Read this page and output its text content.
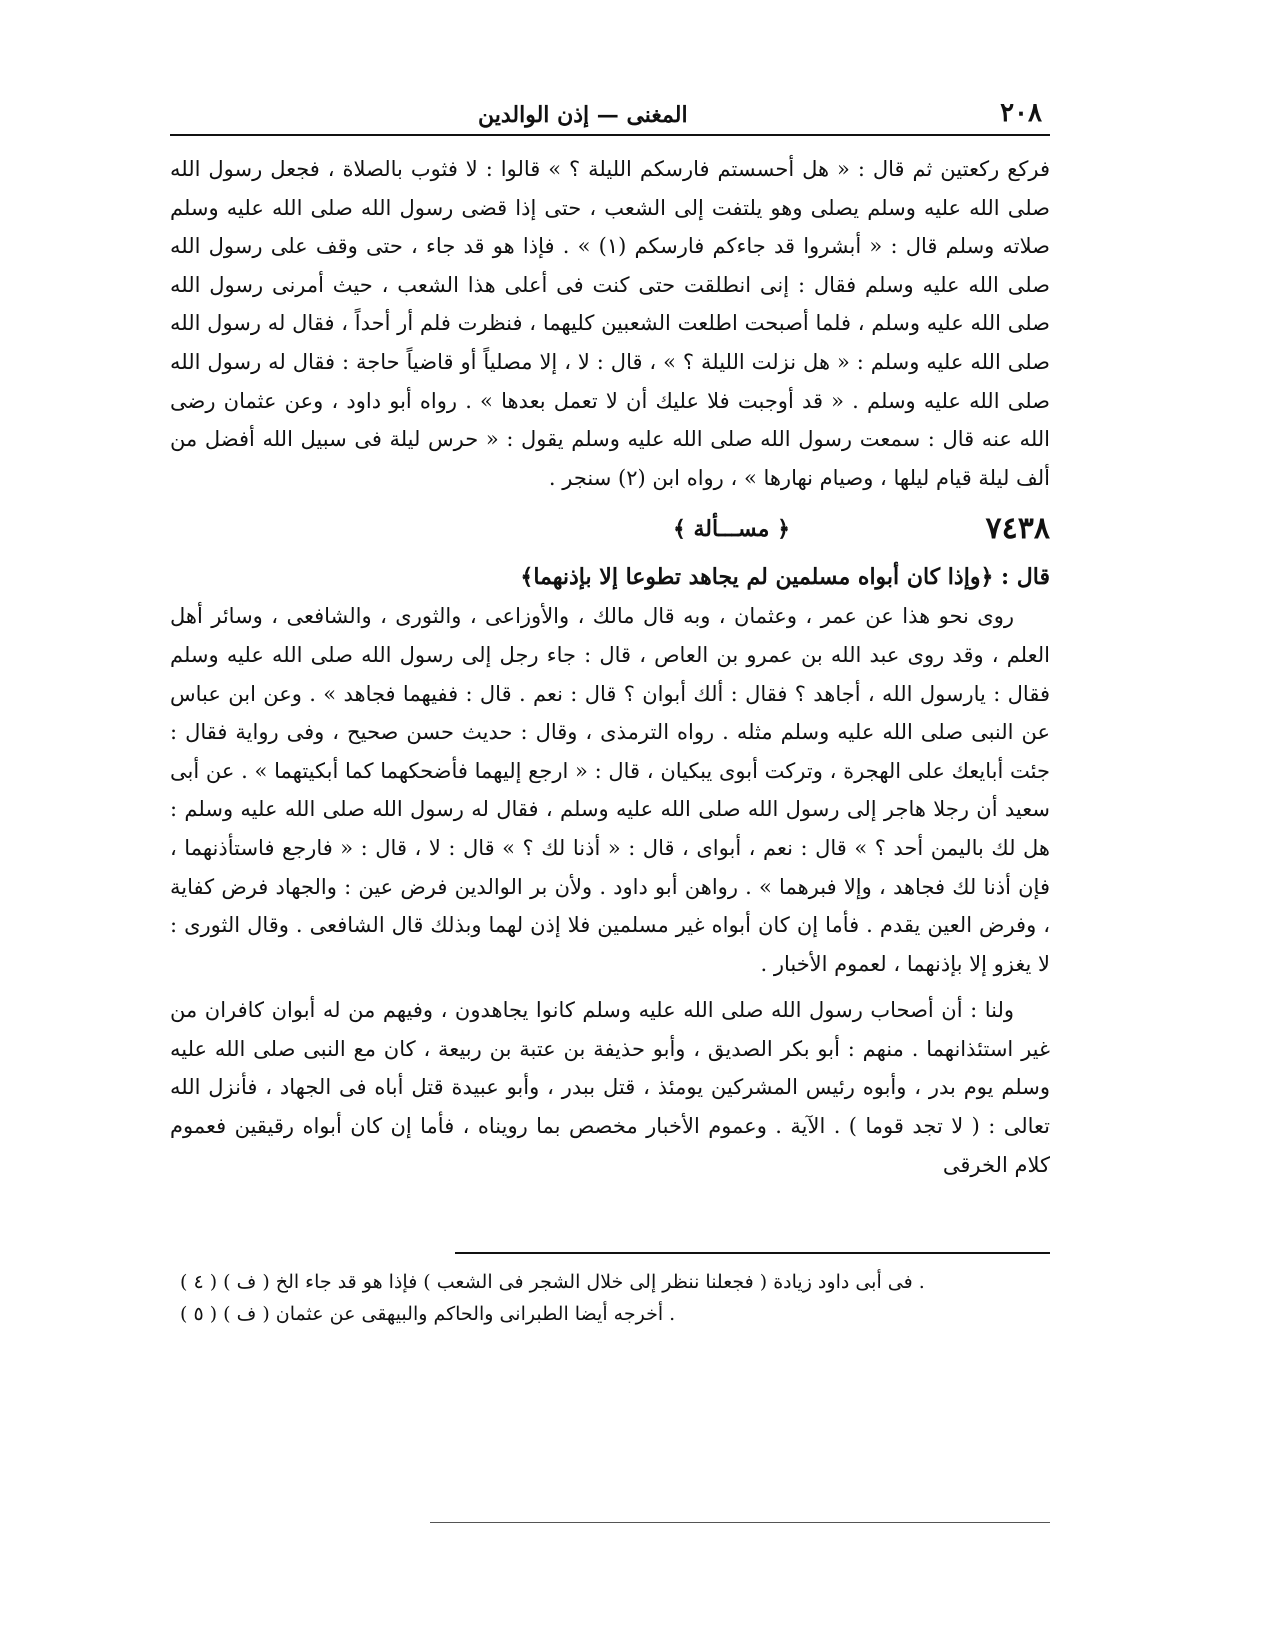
٢٠٨
المغنى — إذن الوالدين

فركع ركعتين ثم قال : « هل أحسستم فارسكم الليلة ؟ » قالوا : لا فثوب بالصلاة ، فجعل رسول الله صلى الله عليه وسلم يصلى وهو يلتفت إلى الشعب ، حتى إذا قضى رسول الله صلى الله عليه وسلم صلاته وسلم قال : « أبشروا قد جاءكم فارسكم (١) » . فإذا هو قد جاء ، حتى وقف على رسول الله صلى الله عليه وسلم فقال : إنى انطلقت حتى كنت فى أعلى هذا الشعب ، حيث أمرنى رسول الله صلى الله عليه وسلم ، فلما أصبحت اطلعت الشعبين كليهما ، فنظرت فلم أر أحداً ، فقال له رسول الله صلى الله عليه وسلم : « هل نزلت الليلة ؟ » ، قال : لا ، إلا مصلياً أو قاضياً حاجة : فقال له رسول الله صلى الله عليه وسلم . « قد أوجبت فلا عليك أن لا تعمل بعدها » . رواه أبو داود ، وعن عثمان رضى الله عنه قال : سمعت رسول الله صلى الله عليه وسلم يقول : « حرس ليلة فى سبيل الله أفضل من ألف ليلة قيام ليلها ، وصيام نهارها » ، رواه ابن (٢) سنجر .

٧٤٣٨
﴿ مســـألة ﴾

قال : ﴿وإذا كان أبواه مسلمين لم يجاهد تطوعا إلا بإذنهما﴾

روى نحو هذا عن عمر ، وعثمان ، وبه قال مالك ، والأوزاعى ، والثورى ، والشافعى ، وسائر أهل العلم ، وقد روى عبد الله بن عمرو بن العاص ، قال : جاء رجل إلى رسول الله صلى الله عليه وسلم فقال : يارسول الله ، أجاهد ؟ فقال : ألك أبوان ؟ قال : نعم . قال : ففيهما فجاهد » . وعن ابن عباس عن النبى صلى الله عليه وسلم مثله . رواه الترمذى ، وقال : حديث حسن صحيح ، وفى رواية فقال : جئت أبايعك على الهجرة ، وتركت أبوى يبكيان ، قال : « ارجع إليهما فأضحكهما كما أبكيتهما » . عن أبى سعيد أن رجلا هاجر إلى رسول الله صلى الله عليه وسلم ، فقال له رسول الله صلى الله عليه وسلم : هل لك باليمن أحد ؟ » قال : نعم ، أبواى ، قال : « أذنا لك ؟ » قال : لا ، قال : « فارجع فاستأذنهما ، فإن أذنا لك فجاهد ، وإلا فبرهما » . رواهن أبو داود . ولأن بر الوالدين فرض عين : والجهاد فرض كفاية ، وفرض العين يقدم . فأما إن كان أبواه غير مسلمين فلا إذن لهما وبذلك قال الشافعى . وقال الثورى : لا يغزو إلا بإذنهما ، لعموم الأخبار .

ولنا : أن أصحاب رسول الله صلى الله عليه وسلم كانوا يجاهدون ، وفيهم من له أبوان كافران من غير استئذانهما . منهم : أبو بكر الصديق ، وأبو حذيفة بن عتبة بن ربيعة ، كان مع النبى صلى الله عليه وسلم يوم بدر ، وأبوه رئيس المشركين يومئذ ، قتل ببدر ، وأبو عبيدة قتل أباه فى الجهاد ، فأنزل الله تعالى : ( لا تجد قوما ) . الآية . وعموم الأخبار مخصص بما رويناه ، فأما إن كان أبواه رقيقين فعموم كلام الخرقى

( ٤ ) فى أبى داود زيادة ( فجعلنا ننظر إلى خلال الشجر فى الشعب ) فإذا هو قد جاء الخ ( ف ) .
( ٥ ) أخرجه أيضا الطبرانى والحاكم والبيهقى عن عثمان ( ف ) .
